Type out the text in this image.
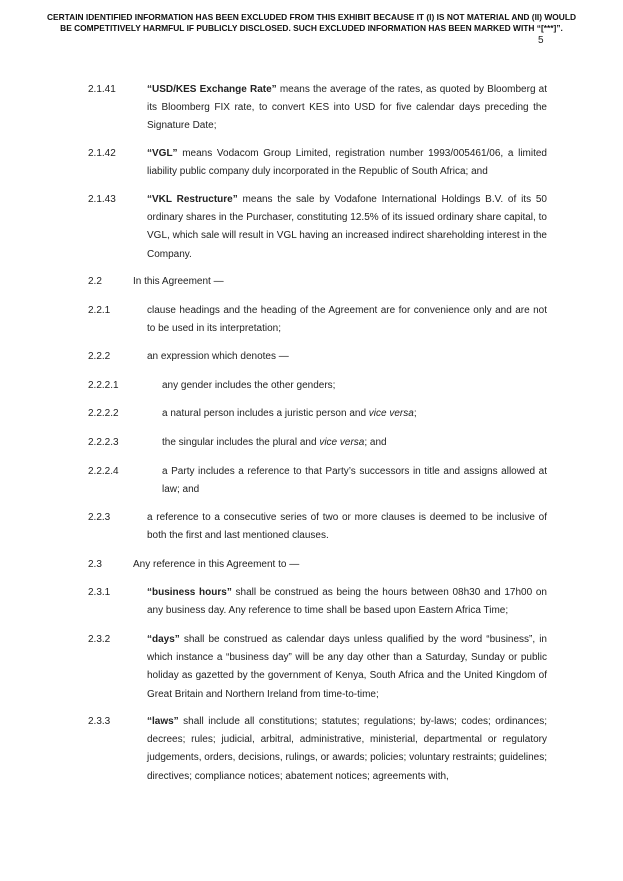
CERTAIN IDENTIFIED INFORMATION HAS BEEN EXCLUDED FROM THIS EXHIBIT BECAUSE IT (I) IS NOT MATERIAL AND (II) WOULD
BE COMPETITIVELY HARMFUL IF PUBLICLY DISCLOSED. SUCH EXCLUDED INFORMATION HAS BEEN MARKED WITH “[***]”.
5
2.1.41	“USD/KES Exchange Rate” means the average of the rates, as quoted by Bloomberg at its Bloomberg FIX rate, to convert KES into USD for five calendar days preceding the Signature Date;
2.1.42	“VGL” means Vodacom Group Limited, registration number 1993/005461/06, a limited liability public company duly incorporated in the Republic of South Africa; and
2.1.43	“VKL Restructure” means the sale by Vodafone International Holdings B.V. of its 50 ordinary shares in the Purchaser, constituting 12.5% of its issued ordinary share capital, to VGL, which sale will result in VGL having an increased indirect shareholding interest in the Company.
2.2	In this Agreement —
2.2.1	clause headings and the heading of the Agreement are for convenience only and are not to be used in its interpretation;
2.2.2	an expression which denotes —
2.2.2.1	any gender includes the other genders;
2.2.2.2	a natural person includes a juristic person and vice versa;
2.2.2.3	the singular includes the plural and vice versa; and
2.2.2.4	a Party includes a reference to that Party’s successors in title and assigns allowed at law; and
2.2.3	a reference to a consecutive series of two or more clauses is deemed to be inclusive of both the first and last mentioned clauses.
2.3	Any reference in this Agreement to —
2.3.1	“business hours” shall be construed as being the hours between 08h30 and 17h00 on any business day. Any reference to time shall be based upon Eastern Africa Time;
2.3.2	“days” shall be construed as calendar days unless qualified by the word “business”, in which instance a “business day” will be any day other than a Saturday, Sunday or public holiday as gazetted by the government of Kenya, South Africa and the United Kingdom of Great Britain and Northern Ireland from time-to-time;
2.3.3	“laws” shall include all constitutions; statutes; regulations; by-laws; codes; ordinances; decrees; rules; judicial, arbitral, administrative, ministerial, departmental or regulatory judgements, orders, decisions, rulings, or awards; policies; voluntary restraints; guidelines; directives; compliance notices; abatement notices; agreements with,
